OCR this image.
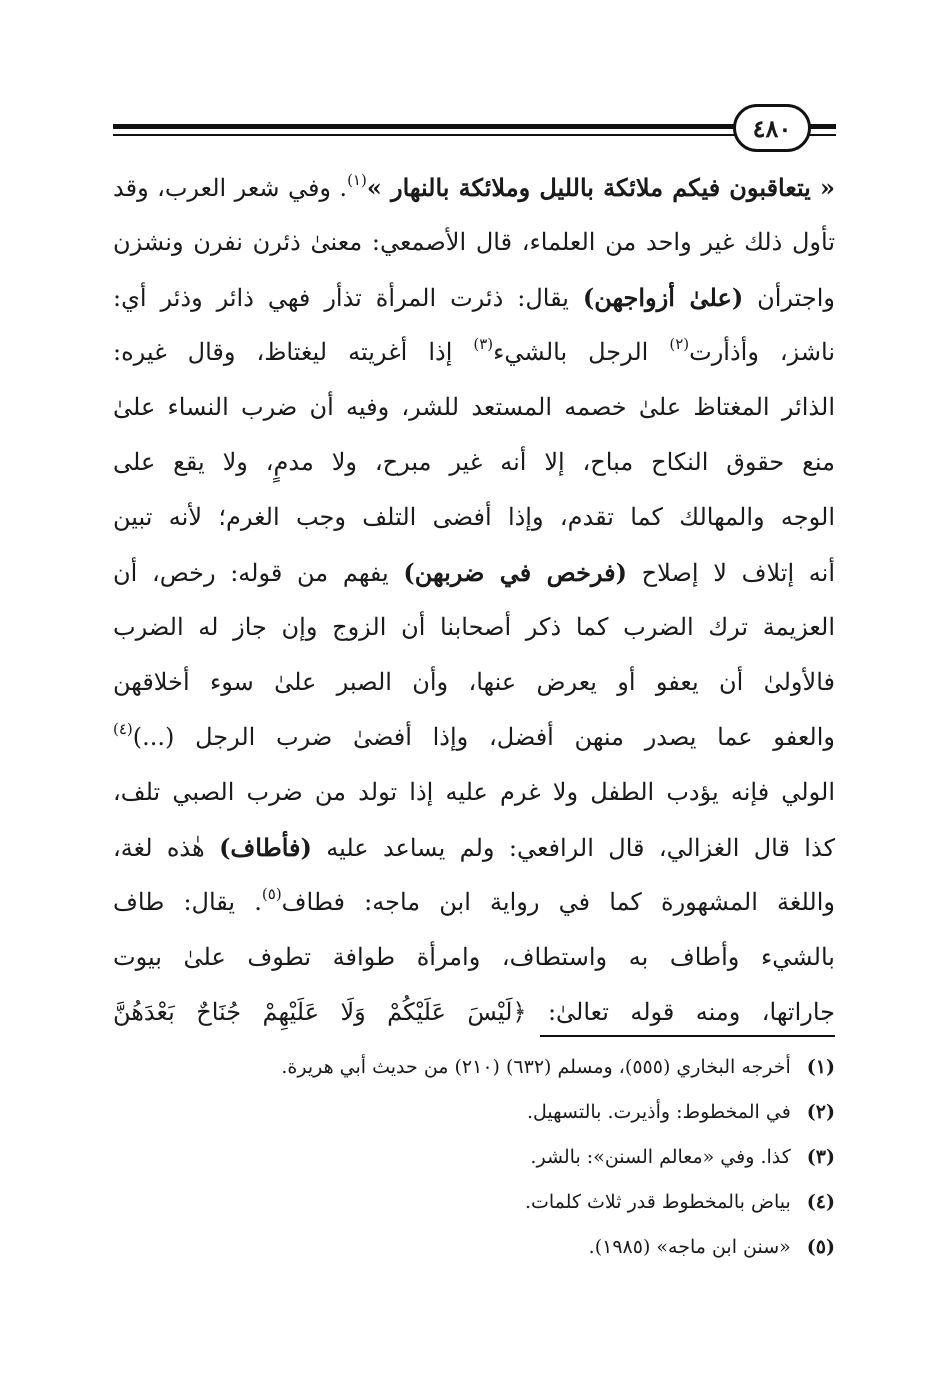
٤٨٠
« يتعاقبون فيكم ملائكة بالليل وملائكة بالنهار »$^{(١)}$. وفي شعر العرب، وقد
تأول ذلك غير واحد من العلماء، قال الأصمعي: معنىٰ ذئرن نفرن ونشزن
واجترأن (علىٰ أزواجهن) يقال: ذئرت المرأة تذأر فهي ذائر وذئر أي:
ناشز، وأذأرت$^{(٢)}$ الرجل بالشيء$^{(٣)}$ إذا أغريته ليغتاظ، وقال غيره:
الذائر المغتاظ علىٰ خصمه المستعد للشر، وفيه أن ضرب النساء علىٰ
منع حقوق النكاح مباح، إلا أنه غير مبرح، ولا مدمٍ، ولا يقع على
الوجه والمهالك كما تقدم، وإذا أفضى التلف وجب الغرم؛ لأنه تبين
أنه إتلاف لا إصلاح (فرخص في ضربهن) يفهم من قوله: رخص، أن
العزيمة ترك الضرب كما ذكر أصحابنا أن الزوج وإن جاز له الضرب
فالأولىٰ أن يعفو أو يعرض عنها، وأن الصبر علىٰ سوء أخلاقهن
والعفو عما يصدر منهن أفضل، وإذا أفضىٰ ضرب الرجل (...)$^{(٤)}$
الولي فإنه يؤدب الطفل ولا غرم عليه إذا تولد من ضرب الصبي تلف،
كذا قال الغزالي، قال الرافعي: ولم يساعد عليه (فأطاف) هٰذه لغة،
واللغة المشهورة كما في رواية ابن ماجه: فطاف$^{(٥)}$. يقال: طاف
بالشيء وأطاف به واستطاف، وامرأة طوافة تطوف علىٰ بيوت
جاراتها، ومنه قوله تعالىٰ: ﴿لَيْسَ عَلَيْكُمْ وَلَا عَلَيْهِمْ جُنَاحٌ بَعْدَهُنَّ
(١)أخرجه البخاري (٥٥٥)، ومسلم (٦٣٢) (٢١٠) من حديث أبي هريرة.
(٢)في المخطوط: وأذيرت. بالتسهيل.
(٣)كذا. وفي «معالم السنن»: بالشر.
(٤)بياض بالمخطوط قدر ثلاث كلمات.
(٥)«سنن ابن ماجه» (١٩٨٥).
